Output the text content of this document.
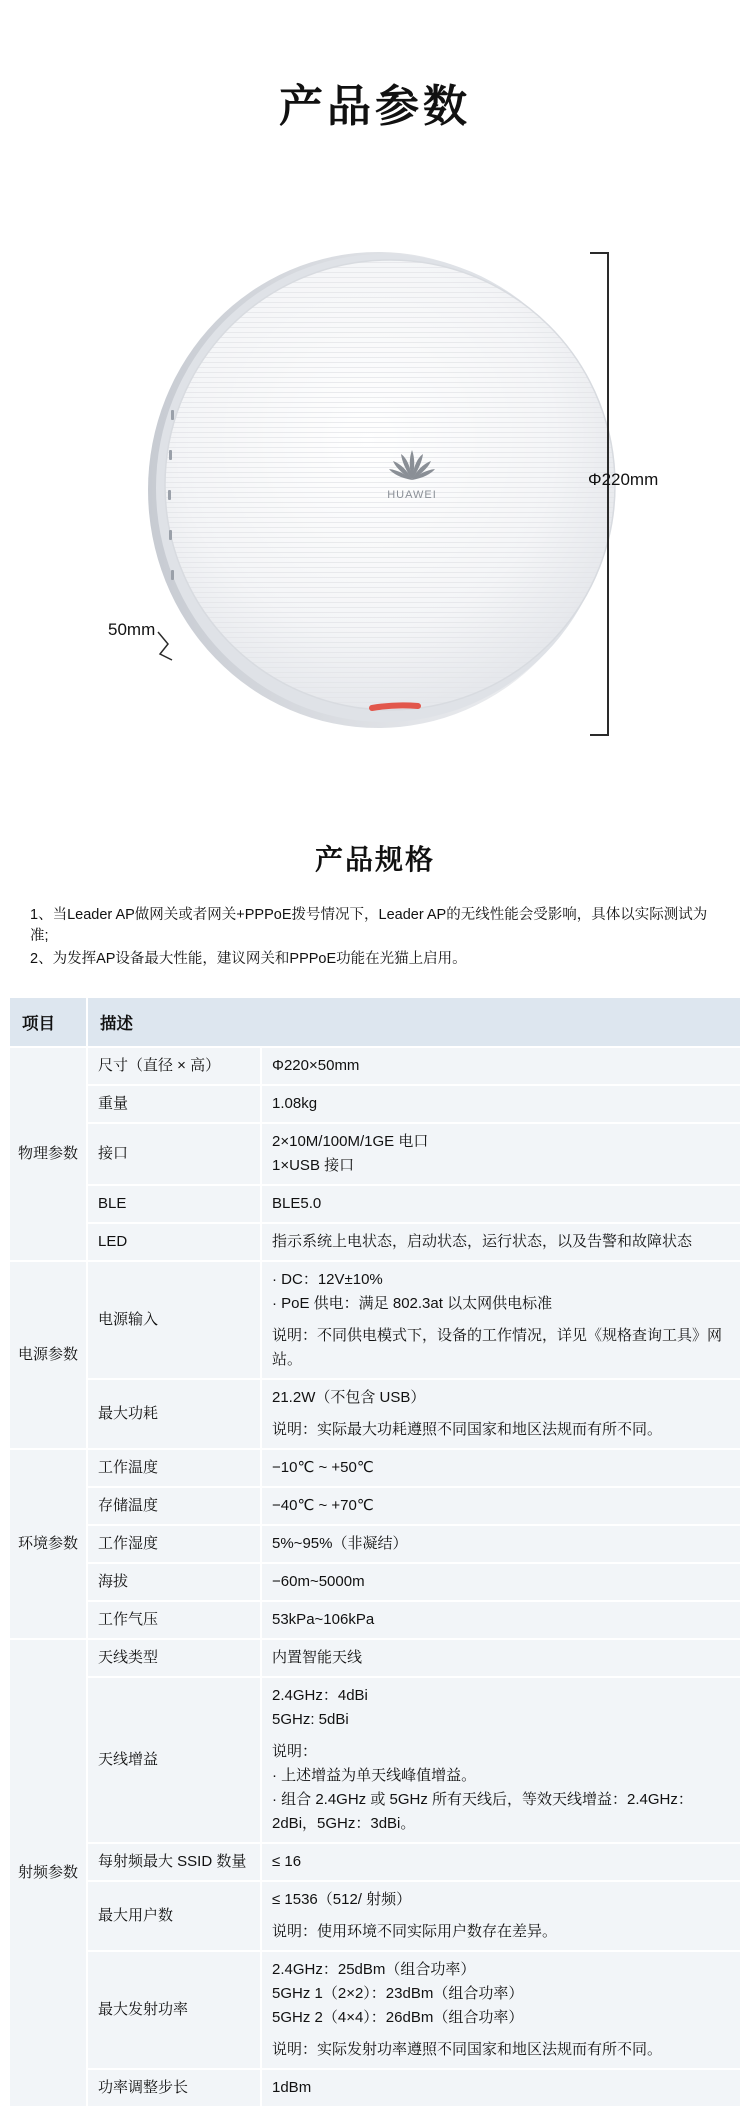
产品参数
HUAWEI
Φ220mm
50mm
产品规格

1、当Leader AP做网关或者网关+PPPoE拨号情况下，Leader AP的无线性能会受影响，具体以实际测试为准;

2、为发挥AP设备最大性能，建议网关和PPPoE功能在光猫上启用。

项目	描述	
物理参数	尺寸（直径 × 高）	Φ220×50mm
	重量	1.08kg
	接口	2×10M/100M/1GE 电口
1×USB 接口

	BLE	BLE5.0
	LED	指示系统上电状态，启动状态，运行状态，以及告警和故障状态
电源参数	电源输入	· DC：12V±10%
· PoE 供电：满足 802.3at 以太网供电标准
说明：不同供电模式下，设备的工作情况，详见《规格查询工具》网站。

	最大功耗	21.2W（不包含 USB）
说明：实际最大功耗遵照不同国家和地区法规而有所不同。

环境参数	工作温度	−10℃ ~ +50℃
	存储温度	−40℃ ~ +70℃
	工作湿度	5%~95%（非凝结）
	海拔	−60m~5000m
	工作气压	53kPa~106kPa
射频参数	天线类型	内置智能天线
	天线增益	2.4GHz：4dBi
5GHz: 5dBi
说明：
· 上述增益为单天线峰值增益。
· 组合 2.4GHz 或 5GHz 所有天线后，等效天线增益：2.4GHz：2dBi，5GHz：3dBi。

	每射频最大 SSID 数量	≤ 16
	最大用户数	≤ 1536（512/ 射频）
说明：使用环境不同实际用户数存在差异。

	最大发射功率	2.4GHz：25dBm（组合功率）
5GHz 1（2×2）：23dBm（组合功率）
5GHz 2（4×4）：26dBm（组合功率）
说明：实际发射功率遵照不同国家和地区法规而有所不同。

	功率调整步长	1dBm
